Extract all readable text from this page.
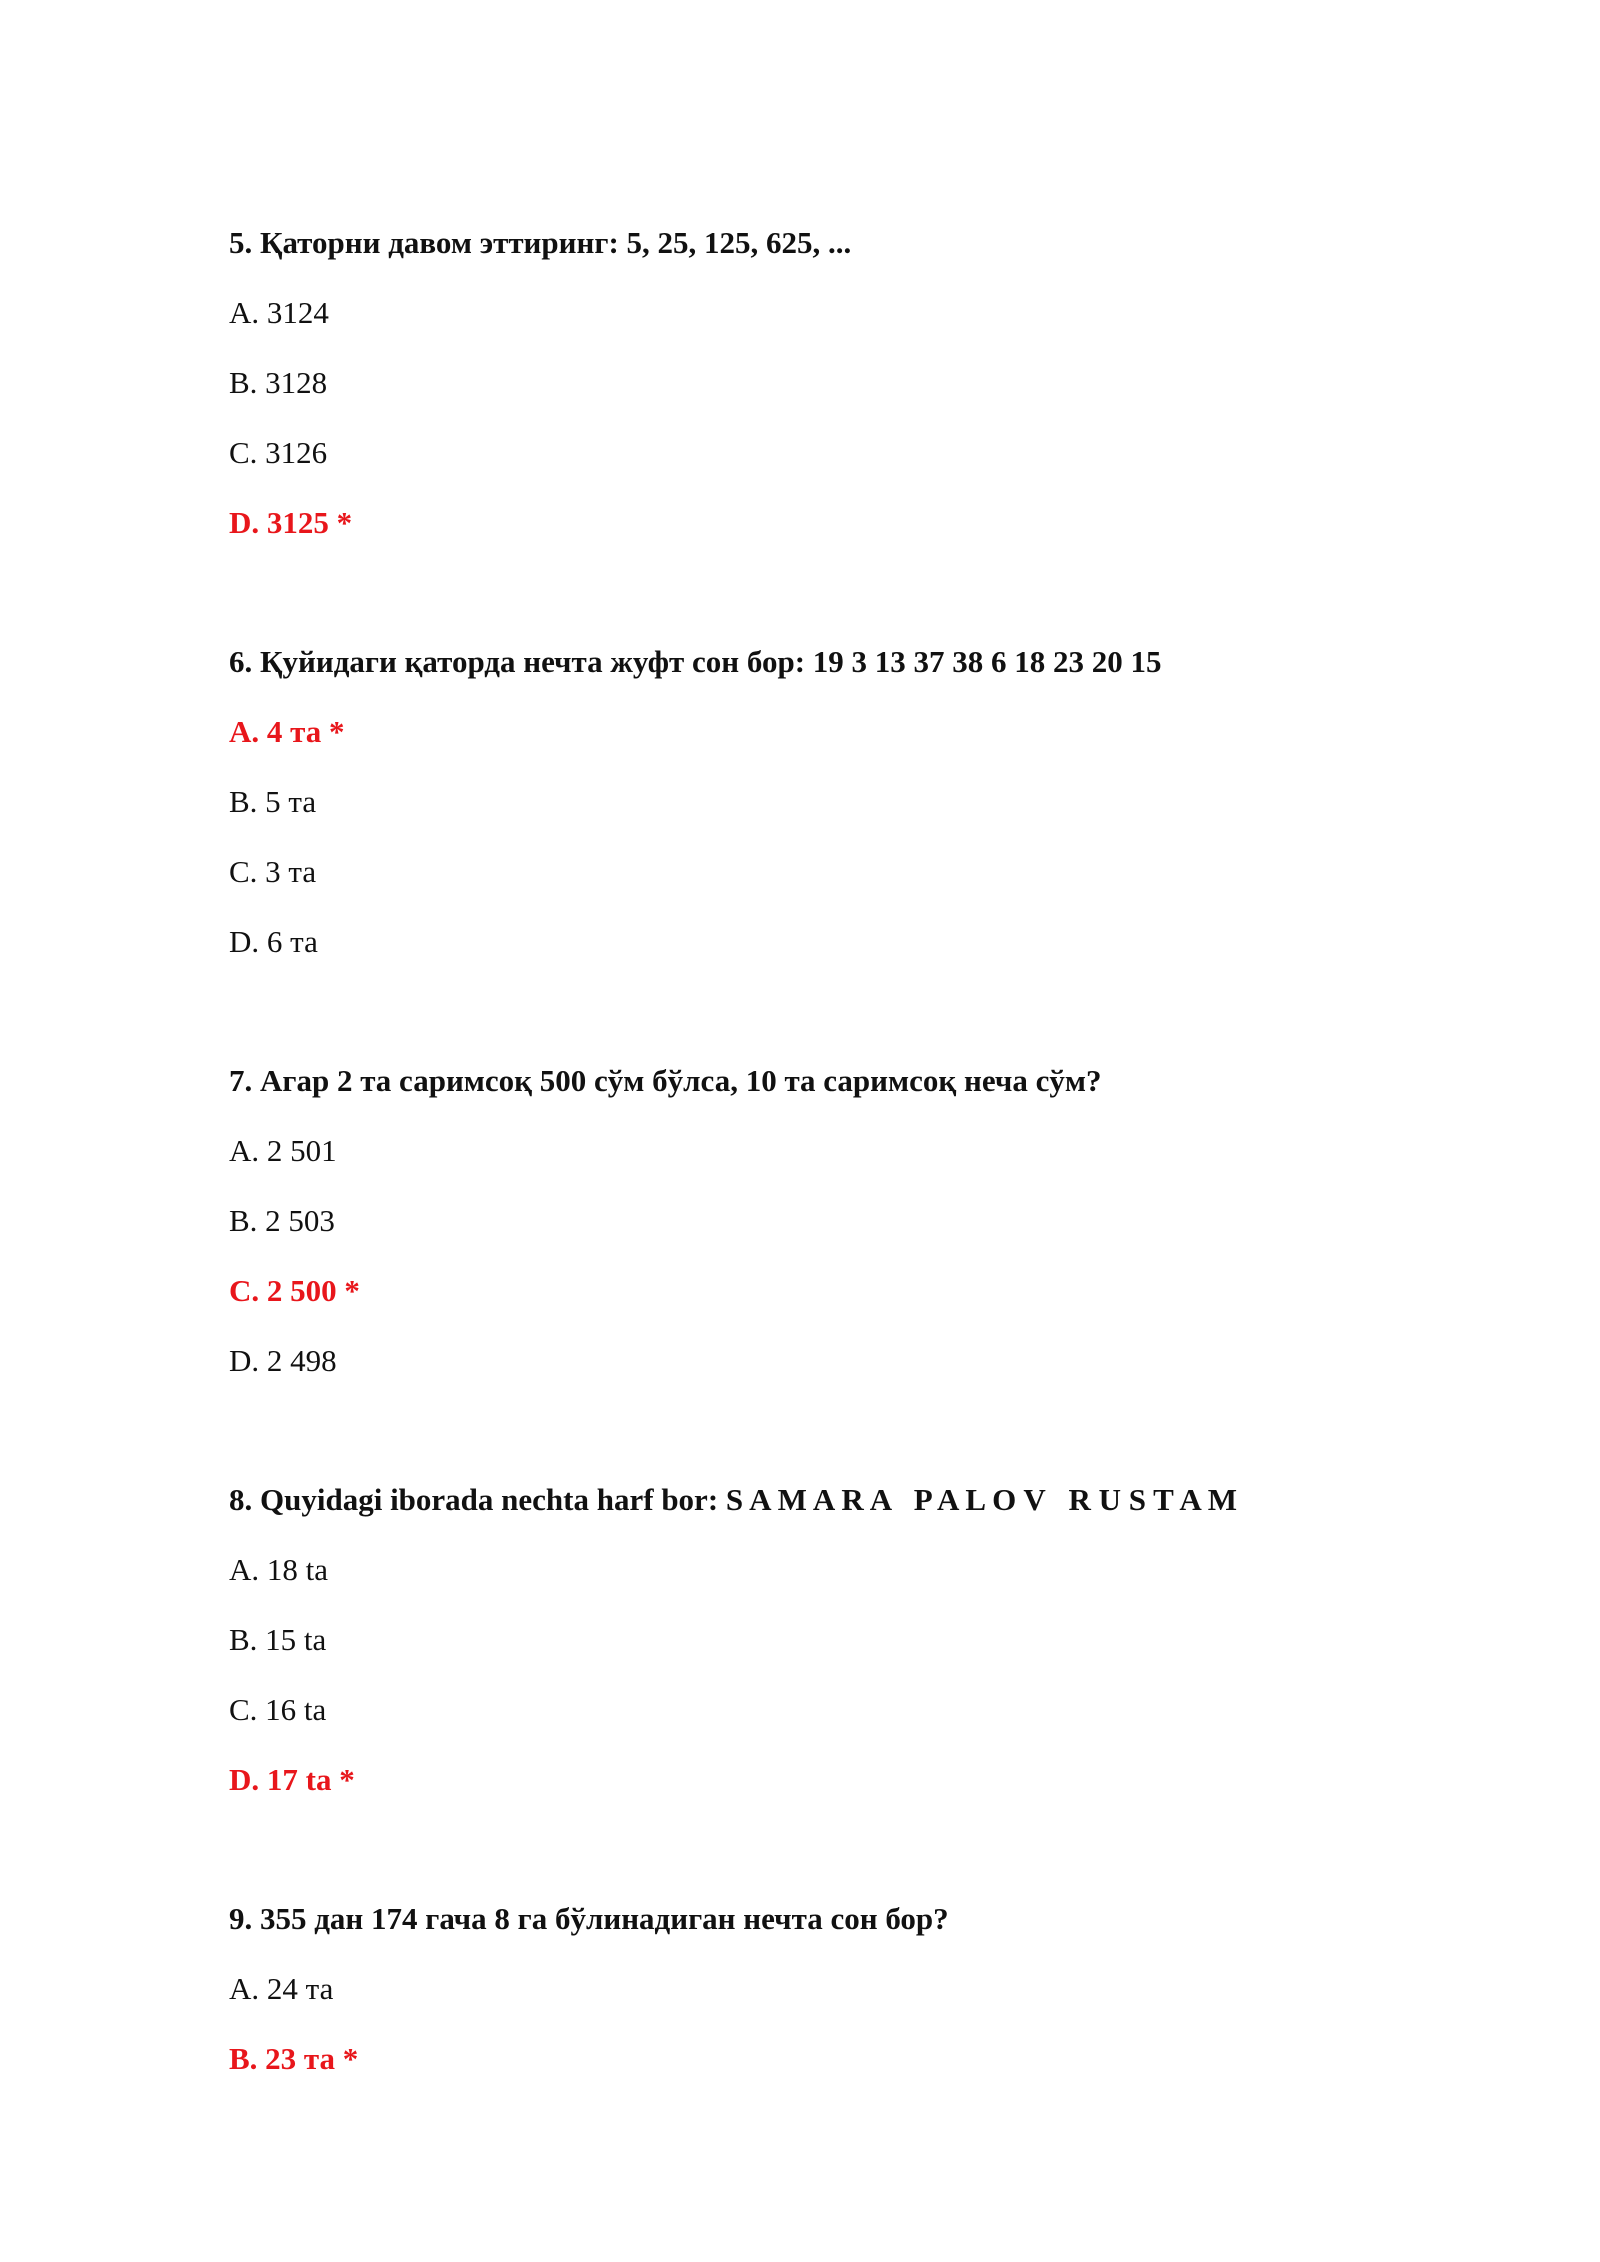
5. Қаторни давом эттиринг: 5, 25, 125, 625, ...
A. 3124
B. 3128
C. 3126
D. 3125 *
6. Қуйидаги қаторда нечта жуфт сон бор: 19 3 13 37 38 6 18 23 20 15
A. 4 та *
B. 5 та
C. 3 та
D. 6 та
7. Агар 2 та саримсоқ 500 сўм бўлса, 10 та саримсоқ неча сўм?
A. 2 501
B. 2 503
C. 2 500 *
D. 2 498
8. Quyidagi iborada nechta harf bor: S A M A R A   P A L O V   R U S T A M
A. 18 ta
B. 15 ta
C. 16 ta
D. 17 ta *
9. 355 дан 174 гача 8 га бўлинадиган нечта сон бор?
A. 24 та
B. 23 та *
